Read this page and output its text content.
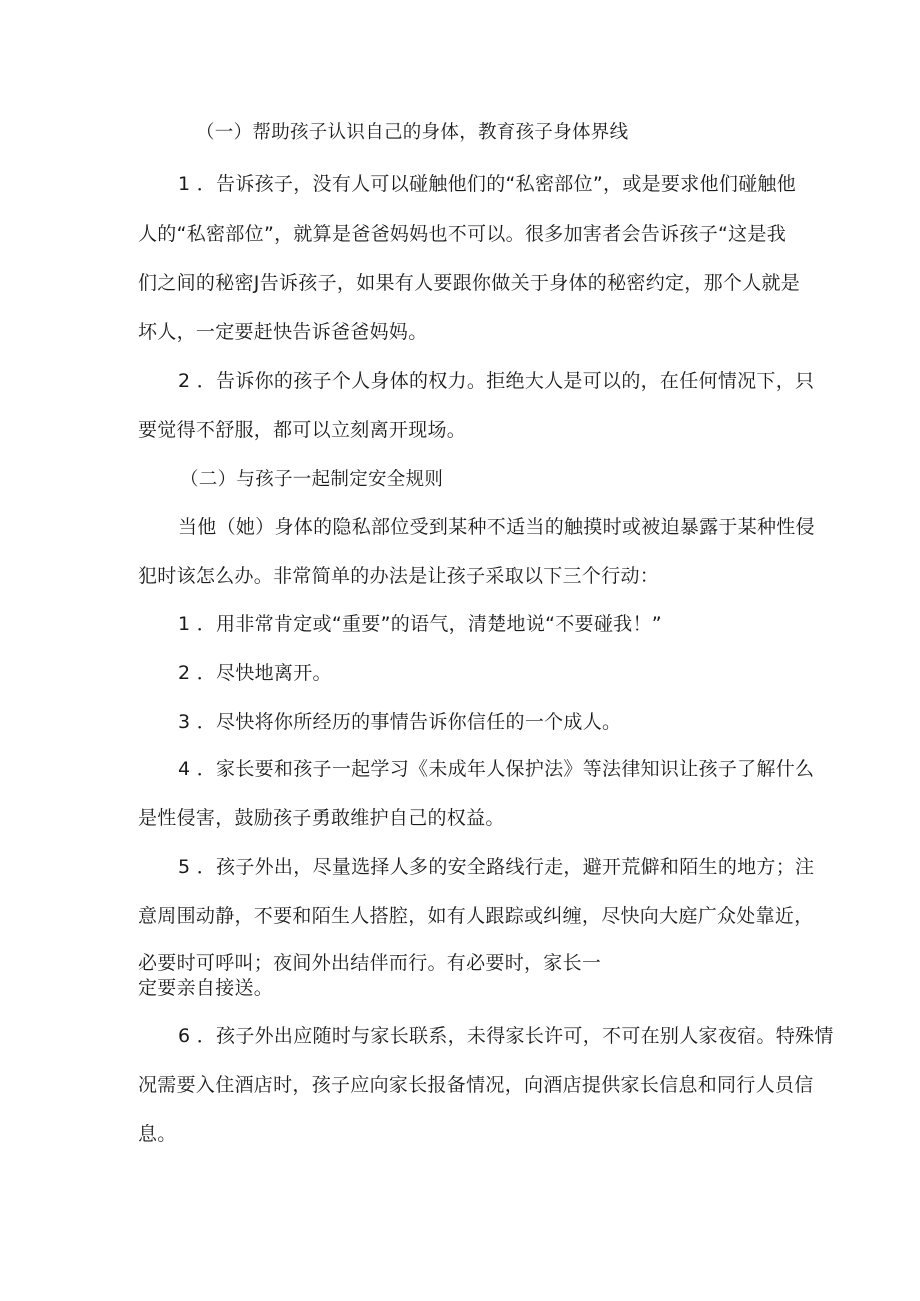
（一）帮助孩子认识自己的身体，教育孩子身体界线
1 ．告诉孩子，没有人可以碰触他们的“私密部位”，或是要求他们碰触他
人的“私密部位”，就算是爸爸妈妈也不可以。很多加害者会告诉孩子“这是我
们之间的秘密J告诉孩子，如果有人要跟你做关于身体的秘密约定，那个人就是
坏人，一定要赶快告诉爸爸妈妈。
2 ．告诉你的孩子个人身体的权力。拒绝大人是可以的，在任何情况下，只
要觉得不舒服，都可以立刻离开现场。
（二）与孩子一起制定安全规则
当他（她）身体的隐私部位受到某种不适当的触摸时或被迫暴露于某种性侵
犯时该怎么办。非常简单的办法是让孩子采取以下三个行动：
1 ．用非常肯定或“重要”的语气，清楚地说“不要碰我！”
2 ．尽快地离开。
3 ．尽快将你所经历的事情告诉你信任的一个成人。
4 ．家长要和孩子一起学习《未成年人保护法》等法律知识让孩子了解什么
是性侵害，鼓励孩子勇敢维护自己的权益。
5 ．孩子外出，尽量选择人多的安全路线行走，避开荒僻和陌生的地方；注
意周围动静，不要和陌生人搭腔，如有人跟踪或纠缠，尽快向大庭广众处靠近，
必要时可呼叫；夜间外出结伴而行。有必要时，家长一
定要亲自接送。
6 ．孩子外出应随时与家长联系，未得家长许可，不可在别人家夜宿。特殊情
况需要入住酒店时，孩子应向家长报备情况，向酒店提供家长信息和同行人员信
息。
